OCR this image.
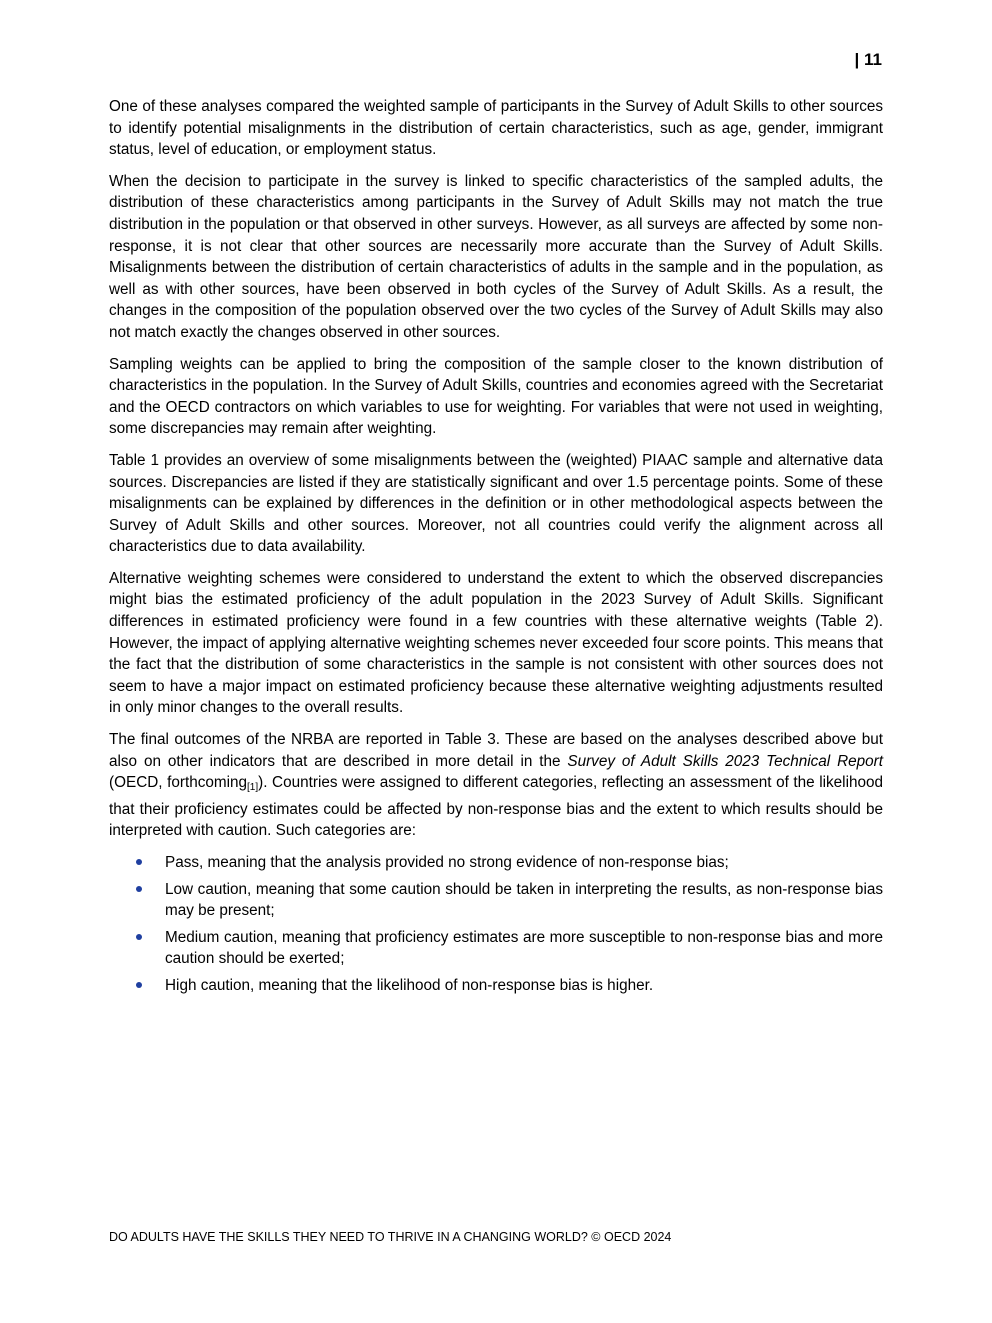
| 11

One of these analyses compared the weighted sample of participants in the Survey of Adult Skills to other sources to identify potential misalignments in the distribution of certain characteristics, such as age, gender, immigrant status, level of education, or employment status.

When the decision to participate in the survey is linked to specific characteristics of the sampled adults, the distribution of these characteristics among participants in the Survey of Adult Skills may not match the true distribution in the population or that observed in other surveys. However, as all surveys are affected by some non-response, it is not clear that other sources are necessarily more accurate than the Survey of Adult Skills. Misalignments between the distribution of certain characteristics of adults in the sample and in the population, as well as with other sources, have been observed in both cycles of the Survey of Adult Skills. As a result, the changes in the composition of the population observed over the two cycles of the Survey of Adult Skills may also not match exactly the changes observed in other sources.

Sampling weights can be applied to bring the composition of the sample closer to the known distribution of characteristics in the population. In the Survey of Adult Skills, countries and economies agreed with the Secretariat and the OECD contractors on which variables to use for weighting. For variables that were not used in weighting, some discrepancies may remain after weighting.

Table 1 provides an overview of some misalignments between the (weighted) PIAAC sample and alternative data sources. Discrepancies are listed if they are statistically significant and over 1.5 percentage points. Some of these misalignments can be explained by differences in the definition or in other methodological aspects between the Survey of Adult Skills and other sources. Moreover, not all countries could verify the alignment across all characteristics due to data availability.

Alternative weighting schemes were considered to understand the extent to which the observed discrepancies might bias the estimated proficiency of the adult population in the 2023 Survey of Adult Skills. Significant differences in estimated proficiency were found in a few countries with these alternative weights (Table 2). However, the impact of applying alternative weighting schemes never exceeded four score points. This means that the fact that the distribution of some characteristics in the sample is not consistent with other sources does not seem to have a major impact on estimated proficiency because these alternative weighting adjustments resulted in only minor changes to the overall results.

The final outcomes of the NRBA are reported in Table 3. These are based on the analyses described above but also on other indicators that are described in more detail in the Survey of Adult Skills 2023 Technical Report (OECD, forthcoming$_{[1]}$). Countries were assigned to different categories, reflecting an assessment of the likelihood that their proficiency estimates could be affected by non-response bias and the extent to which results should be interpreted with caution. Such categories are:

Pass, meaning that the analysis provided no strong evidence of non-response bias;
Low caution, meaning that some caution should be taken in interpreting the results, as non-response bias may be present;
Medium caution, meaning that proficiency estimates are more susceptible to non-response bias and more caution should be exerted;
High caution, meaning that the likelihood of non-response bias is higher.
DO ADULTS HAVE THE SKILLS THEY NEED TO THRIVE IN A CHANGING WORLD? © OECD 2024
